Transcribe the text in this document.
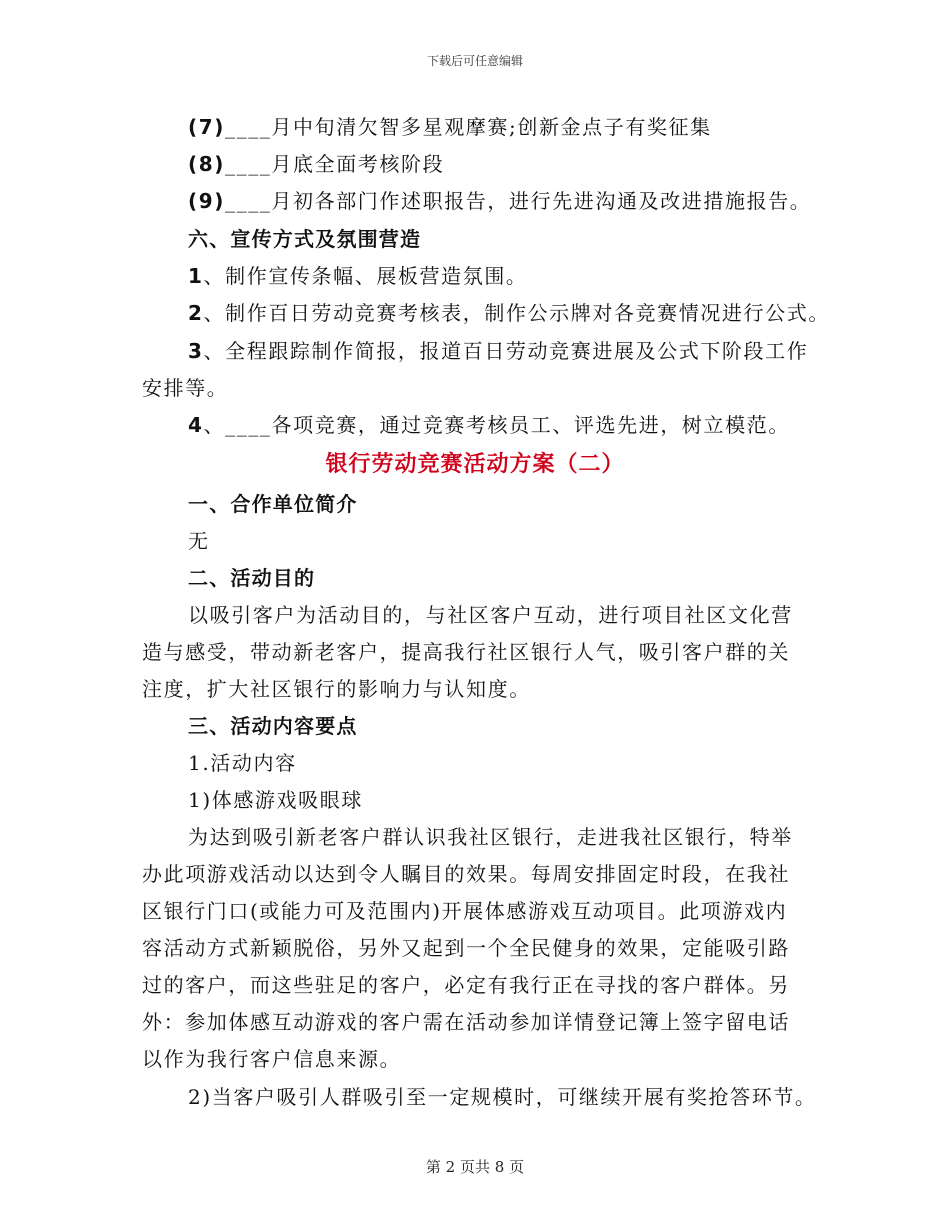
下载后可任意编辑
(7)____月中旬清欠智多星观摩赛;创新金点子有奖征集
(8)____月底全面考核阶段
(9)____月初各部门作述职报告，进行先进沟通及改进措施报告。
六、宣传方式及氛围营造
1、制作宣传条幅、展板营造氛围。
2、制作百日劳动竞赛考核表，制作公示牌对各竞赛情况进行公式。
3、全程跟踪制作简报，报道百日劳动竞赛进展及公式下阶段工作
安排等。
4、____各项竞赛，通过竞赛考核员工、评选先进，树立模范。
银行劳动竞赛活动方案（二）
一、合作单位简介
无
二、活动目的
以吸引客户为活动目的，与社区客户互动，进行项目社区文化营
造与感受，带动新老客户，提高我行社区银行人气，吸引客户群的关
注度，扩大社区银行的影响力与认知度。
三、活动内容要点
1.活动内容
1)体感游戏吸眼球
为达到吸引新老客户群认识我社区银行，走进我社区银行，特举
办此项游戏活动以达到令人瞩目的效果。每周安排固定时段，在我社
区银行门口(或能力可及范围内)开展体感游戏互动项目。此项游戏内
容活动方式新颖脱俗，另外又起到一个全民健身的效果，定能吸引路
过的客户，而这些驻足的客户，必定有我行正在寻找的客户群体。另
外：参加体感互动游戏的客户需在活动参加详情登记簿上签字留电话
以作为我行客户信息来源。
2)当客户吸引人群吸引至一定规模时，可继续开展有奖抢答环节。
第 2 页共 8 页
